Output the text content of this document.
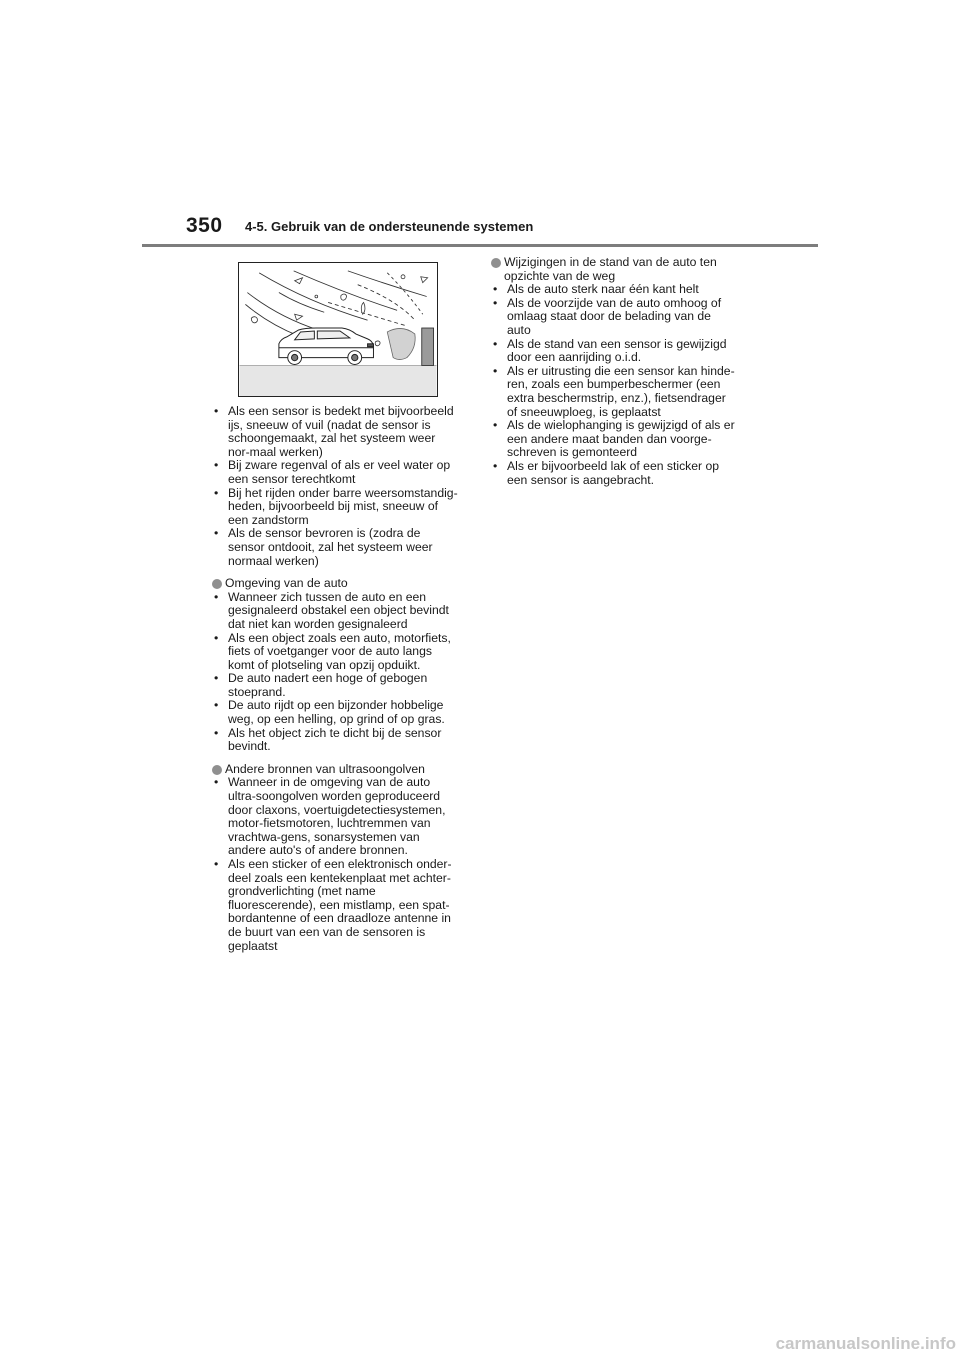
350 4-5. Gebruik van de ondersteunende systemen
• Als een sensor is bedekt met bijvoorbeeld ijs, sneeuw of vuil (nadat de sensor is schoongemaakt, zal het systeem weer nor-maal werken)
• Bij zware regenval of als er veel water op een sensor terechtkomt
• Bij het rijden onder barre weersomstandig-heden, bijvoorbeeld bij mist, sneeuw of een zandstorm
• Als de sensor bevroren is (zodra de sensor ontdooit, zal het systeem weer normaal werken)
Omgeving van de auto
• Wanneer zich tussen de auto en een gesignaleerd obstakel een object bevindt dat niet kan worden gesignaleerd
• Als een object zoals een auto, motorfiets, fiets of voetganger voor de auto langs komt of plotseling van opzij opduikt.
• De auto nadert een hoge of gebogen stoeprand.
• De auto rijdt op een bijzonder hobbelige weg, op een helling, op grind of op gras.
• Als het object zich te dicht bij de sensor bevindt.
Andere bronnen van ultrasoongolven
• Wanneer in de omgeving van de auto ultra-soongolven worden geproduceerd door claxons, voertuigdetectiesystemen, motor-fietsmotoren, luchtremmen van vrachtwa-gens, sonarsystemen van andere auto's of andere bronnen.
• Als een sticker of een elektronisch onder-deel zoals een kentekenplaat met achter-grondverlichting (met name fluorescerende), een mistlamp, een spat-bordantenne of een draadloze antenne in de buurt van een van de sensoren is geplaatst
Wijzigingen in de stand van de auto ten opzichte van de weg
• Als de auto sterk naar één kant helt
• Als de voorzijde van de auto omhoog of omlaag staat door de belading van de auto
• Als de stand van een sensor is gewijzigd door een aanrijding o.i.d.
• Als er uitrusting die een sensor kan hinde-ren, zoals een bumperbeschermer (een extra beschermstrip, enz.), fietsendrager of sneeuwploeg, is geplaatst
• Als de wielophanging is gewijzigd of als er een andere maat banden dan voorge-schreven is gemonteerd
• Als er bijvoorbeeld lak of een sticker op een sensor is aangebracht.
carmanualsonline.info
